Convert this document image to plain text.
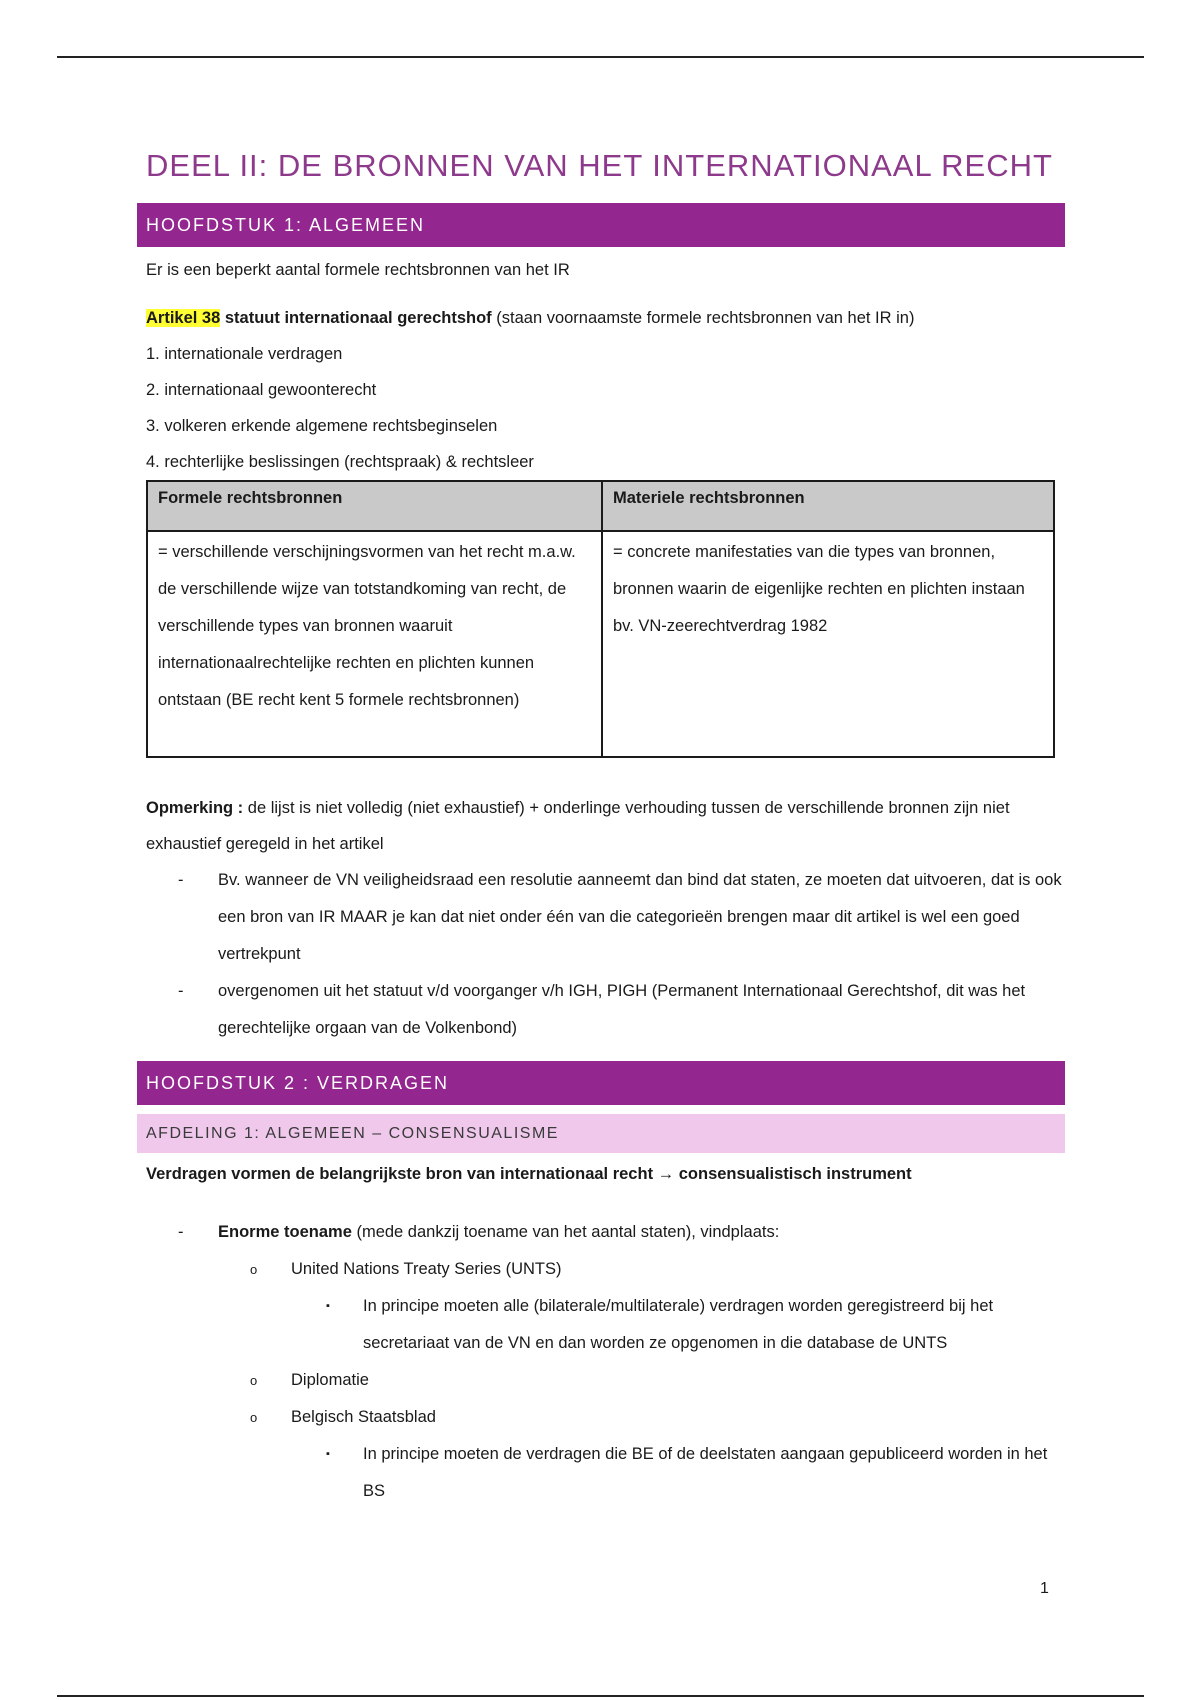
DEEL II: DE BRONNEN VAN HET INTERNATIONAAL RECHT
HOOFDSTUK 1: ALGEMEEN
Er is een beperkt aantal formele rechtsbronnen van het IR
Artikel 38 statuut internationaal gerechtshof (staan voornaamste formele rechtsbronnen van het IR in)
1. internationale verdragen
2. internationaal gewoonterecht
3. volkeren erkende algemene rechtsbeginselen
4. rechterlijke beslissingen (rechtspraak) & rechtsleer
Formele rechtsbronnen	Materiele rechtsbronnen
= verschillende verschijningsvormen van het recht m.a.w. de verschillende wijze van totstandkoming van recht, de verschillende types van bronnen waaruit internationaalrechtelijke rechten en plichten kunnen ontstaan (BE recht kent 5 formele rechtsbronnen)	= concrete manifestaties van die types van bronnen, bronnen waarin de eigenlijke rechten en plichten instaan bv. VN-zeerechtverdrag 1982
Opmerking : de lijst is niet volledig (niet exhaustief) + onderlinge verhouding tussen de verschillende bronnen zijn niet exhaustief geregeld in het artikel
- Bv. wanneer de VN veiligheidsraad een resolutie aanneemt dan bind dat staten, ze moeten dat uitvoeren, dat is ook een bron van IR MAAR je kan dat niet onder één van die categorieën brengen maar dit artikel is wel een goed vertrekpunt
- overgenomen uit het statuut v/d voorganger v/h IGH, PIGH (Permanent Internationaal Gerechtshof, dit was het gerechtelijke orgaan van de Volkenbond)
HOOFDSTUK 2 : VERDRAGEN
AFDELING 1: ALGEMEEN – CONSENSUALISME
Verdragen vormen de belangrijkste bron van internationaal recht → consensualistisch instrument
- Enorme toename (mede dankzij toename van het aantal staten), vindplaats:
o United Nations Treaty Series (UNTS)
▪ In principe moeten alle (bilaterale/multilaterale) verdragen worden geregistreerd bij het secretariaat van de VN en dan worden ze opgenomen in die database de UNTS
o Diplomatie
o Belgisch Staatsblad
▪ In principe moeten de verdragen die BE of de deelstaten aangaan gepubliceerd worden in het BS
1
